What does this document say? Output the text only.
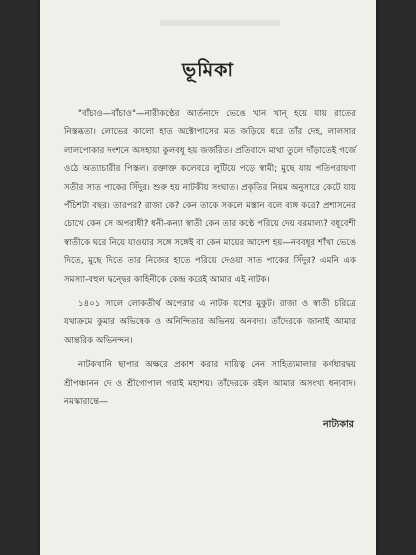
ভূমিকা

"বাঁচাও—বাঁচাও"—নারীকণ্ঠের আর্তনাদে ভেঙে খান খান্‌ হয়ে যায় রাতের নিস্তব্ধতা। লোভের কালো হাত অক্টোপাসের মত জড়িয়ে ধরে তাঁর দেহ, লালসার লালপোকার দংশনে অসহায়া কুলবধূ হয় জর্জরিত। প্রতিবাদে মাথা তুলে দাঁড়াতেই গর্জে ওঠে অত্যাচারীর পিস্তল। রক্তাক্ত কলেবরে লুটিয়ে পড়ে স্বামী; মুছে যায় পতিপরায়ণা সতীর সাত পাকের সিঁদুর। শুরু হয় নাটকীয় সংঘাত। প্রকৃতির নিয়ম অনুসারে কেটে যায় পঁচিশটা বছর। তারপর? রাজা কে? কেন তাকে সকলে মস্তান বলে ব্যঙ্গ করে? প্রশাসনের চোখে কেন সে অপরাধী? ধনী-কন্যা স্বাতী কেন তার কণ্ঠে পরিয়ে দেয় বরমাল্য? বধূবেশী স্বাতীকে ঘরে নিয়ে যাওয়ার সঙ্গে সঙ্গেই বা কেন মায়ের আদেশ হয়—নববধূর শাঁখা ভেঙে দিতে, মুছে দিতে তার নিজের হাতে পরিয়ে দেওয়া সাত পাকের সিঁদুর? এমনি এক সমস্যা-বহুল দ্বন্দ্বের কাহিনীকে কেন্দ্র করেই আমার এই নাটক।

১৪০১ সালে লোকতীর্থ অপেরার এ নাটক যশের মুকুট। রাজা ও স্বাতী চরিত্রে যথাক্রমে কুমার অভিষেক ও অনিন্দিতার অভিনয় অনবদ্য। তাঁদেরকে জানাই আমার আন্তরিক অভিনন্দন।

নাটকখানি ছাপার অক্ষরে প্রকাশ করার দায়িত্ব নেন সাহিত্যমালার কর্ণধারদ্বয় শ্রীপঞ্চানন দে ও শ্রীগোপাল গরাই মহাশয়। তাঁদেরকে রইল আমার অসংখ্য ধন্যবাদ। নমস্কারান্তে—

নাট্যকার
